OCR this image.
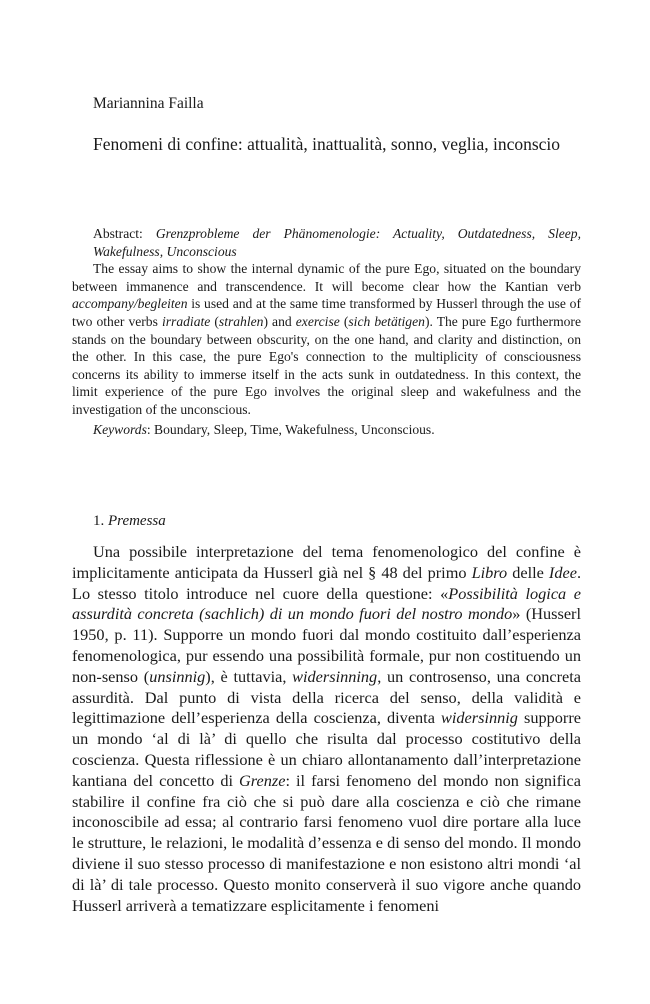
Mariannina Failla
Fenomeni di confine: attualità, inattualità, sonno, veglia, inconscio

Abstract: Grenzprobleme der Phänomenologie: Actuality, Outdatedness, Sleep, Wakefulness, Unconscious

The essay aims to show the internal dynamic of the pure Ego, situated on the boundary between immanence and transcendence. It will become clear how the Kantian verb accompany/begleiten is used and at the same time transformed by Husserl through the use of two other verbs irradiate (strahlen) and exercise (sich betätigen). The pure Ego furthermore stands on the boundary between obscurity, on the one hand, and clarity and distinction, on the other. In this case, the pure Ego's connection to the multiplicity of consciousness concerns its ability to immerse itself in the acts sunk in outdatedness. In this context, the limit experience of the pure Ego involves the original sleep and wakefulness and the investigation of the unconscious.

Keywords: Boundary, Sleep, Time, Wakefulness, Unconscious.

1. Premessa

Una possibile interpretazione del tema fenomenologico del confine è implicitamente anticipata da Husserl già nel § 48 del primo Libro delle Idee. Lo stesso titolo introduce nel cuore della questione: «Possibilità logica e assurdità concreta (sachlich) di un mondo fuori del nostro mondo» (Husserl 1950, p. 11). Supporre un mondo fuori dal mondo costituito dall’esperienza fenomenologica, pur essendo una possibilità formale, pur non costituendo un non-senso (unsinnig), è tuttavia, widersinning, un controsenso, una concreta assurdità. Dal punto di vista della ricerca del senso, della validità e legittimazione dell’esperienza della coscienza, diventa widersinnig supporre un mondo ‘al di là’ di quello che risulta dal processo costitutivo della coscienza. Questa riflessione è un chiaro allontanamento dall’interpretazione kantiana del concetto di Grenze: il farsi fenomeno del mondo non significa stabilire il confine fra ciò che si può dare alla coscienza e ciò che rimane inconoscibile ad essa; al contrario farsi fenomeno vuol dire portare alla luce le strutture, le relazioni, le modalità d’essenza e di senso del mondo. Il mondo diviene il suo stesso processo di manifestazione e non esistono altri mondi ‘al di là’ di tale processo. Questo monito conserverà il suo vigore anche quando Husserl arriverà a tematizzare esplicitamente i fenomeni
